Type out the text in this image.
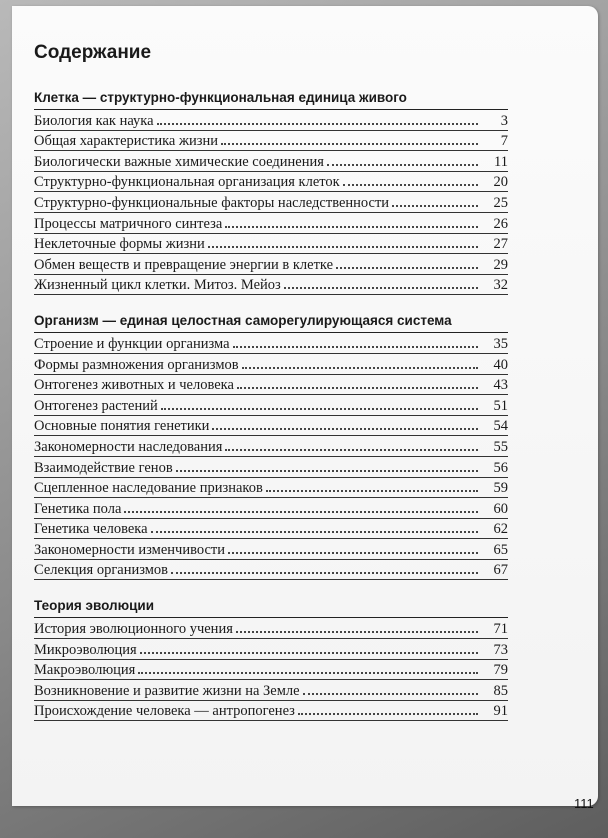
Содержание
Клетка — структурно-функциональная единица живого
Биология как наука	3
Общая характеристика жизни	7
Биологически важные химические соединения	11
Структурно-функциональная организация клеток	20
Структурно-функциональные факторы наследственности	25
Процессы матричного синтеза	26
Неклеточные формы жизни	27
Обмен веществ и превращение энергии в клетке	29
Жизненный цикл клетки. Митоз. Мейоз	32
Организм — единая целостная саморегулирующаяся система
Строение и функции организма	35
Формы размножения организмов	40
Онтогенез животных и человека	43
Онтогенез растений	51
Основные понятия генетики	54
Закономерности наследования	55
Взаимодействие генов	56
Сцепленное наследование признаков	59
Генетика пола	60
Генетика человека	62
Закономерности изменчивости	65
Селекция организмов	67
Теория эволюции
История эволюционного учения	71
Микроэволюция	73
Макроэволюция	79
Возникновение и развитие жизни на Земле	85
Происхождение человека — антропогенез	91
111
